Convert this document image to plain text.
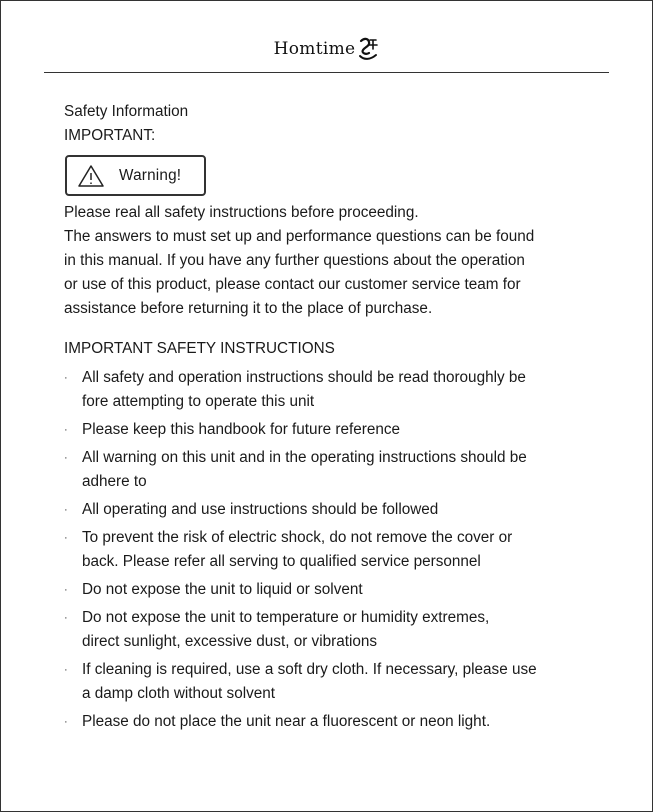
Homtime

Safety Information

IMPORTANT:

Warning!

Please real all safety instructions before proceeding.

The answers to must set up and performance questions can be found

in this manual. If you have any further questions about the operation

or use of this product, please contact our customer service team for

assistance before returning it to the place of purchase.

IMPORTANT SAFETY INSTRUCTIONS

· All safety and operation instructions should be read thoroughly be
fore attempting to operate this unit
· Please keep this handbook for future reference
· All warning on this unit and in the operating instructions should be
adhere to
· All operating and use instructions should be followed
· To prevent the risk of electric shock, do not remove the cover or
back. Please refer all serving to qualified service personnel
· Do not expose the unit to liquid or solvent
· Do not expose the unit to temperature or humidity extremes,
direct sunlight, excessive dust, or vibrations
· If cleaning is required, use a soft dry cloth. If necessary, please use
a damp cloth without solvent
· Please do not place the unit near a fluorescent or neon light.
